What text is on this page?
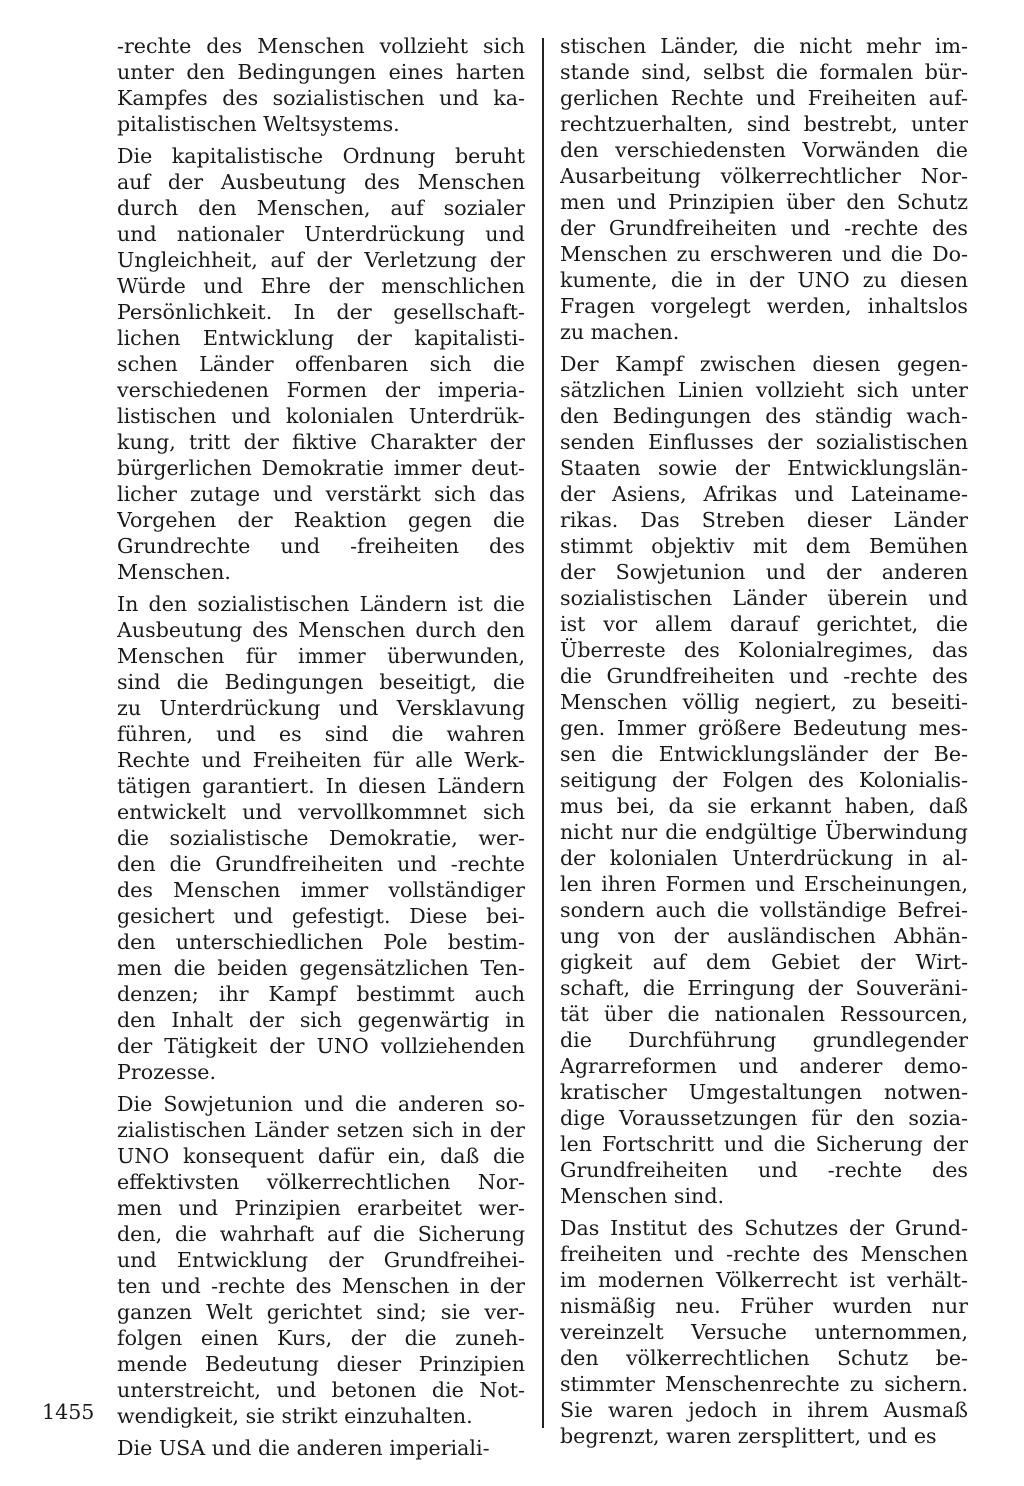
-rechte des Menschen vollzieht sich
unter den Bedingungen eines harten
Kampfes des sozialistischen und ka-
pitalistischen Weltsystems.
Die kapitalistische Ordnung beruht
auf der Ausbeutung des Menschen
durch den Menschen, auf sozialer
und nationaler Unterdrückung und
Ungleichheit, auf der Verletzung der
Würde und Ehre der menschlichen
Persönlichkeit. In der gesellschaft-
lichen Entwicklung der kapitalisti-
schen Länder offenbaren sich die
verschiedenen Formen der imperia-
listischen und kolonialen Unterdrük-
kung, tritt der fiktive Charakter der
bürgerlichen Demokratie immer deut-
licher zutage und verstärkt sich das
Vorgehen der Reaktion gegen die
Grundrechte und -freiheiten des
Menschen.
In den sozialistischen Ländern ist die
Ausbeutung des Menschen durch den
Menschen für immer überwunden,
sind die Bedingungen beseitigt, die
zu Unterdrückung und Versklavung
führen, und es sind die wahren
Rechte und Freiheiten für alle Werk-
tätigen garantiert. In diesen Ländern
entwickelt und vervollkommnet sich
die sozialistische Demokratie, wer-
den die Grundfreiheiten und -rechte
des Menschen immer vollständiger
gesichert und gefestigt. Diese bei-
den unterschiedlichen Pole bestim-
men die beiden gegensätzlichen Ten-
denzen; ihr Kampf bestimmt auch
den Inhalt der sich gegenwärtig in
der Tätigkeit der UNO vollziehenden
Prozesse.
Die Sowjetunion und die anderen so-
zialistischen Länder setzen sich in der
UNO konsequent dafür ein, daß die
effektivsten völkerrechtlichen Nor-
men und Prinzipien erarbeitet wer-
den, die wahrhaft auf die Sicherung
und Entwicklung der Grundfreihei-
ten und -rechte des Menschen in der
ganzen Welt gerichtet sind; sie ver-
folgen einen Kurs, der die zuneh-
mende Bedeutung dieser Prinzipien
unterstreicht, und betonen die Not-
wendigkeit, sie strikt einzuhalten.
Die USA und die anderen imperiali-
stischen Länder, die nicht mehr im-
stande sind, selbst die formalen bür-
gerlichen Rechte und Freiheiten auf-
rechtzuerhalten, sind bestrebt, unter
den verschiedensten Vorwänden die
Ausarbeitung völkerrechtlicher Nor-
men und Prinzipien über den Schutz
der Grundfreiheiten und -rechte des
Menschen zu erschweren und die Do-
kumente, die in der UNO zu diesen
Fragen vorgelegt werden, inhaltslos
zu machen.
Der Kampf zwischen diesen gegen-
sätzlichen Linien vollzieht sich unter
den Bedingungen des ständig wach-
senden Einflusses der sozialistischen
Staaten sowie der Entwicklungslän-
der Asiens, Afrikas und Lateiname-
rikas. Das Streben dieser Länder
stimmt objektiv mit dem Bemühen
der Sowjetunion und der anderen
sozialistischen Länder überein und
ist vor allem darauf gerichtet, die
Überreste des Kolonialregimes, das
die Grundfreiheiten und -rechte des
Menschen völlig negiert, zu beseiti-
gen. Immer größere Bedeutung mes-
sen die Entwicklungsländer der Be-
seitigung der Folgen des Kolonialis-
mus bei, da sie erkannt haben, daß
nicht nur die endgültige Überwindung
der kolonialen Unterdrückung in al-
len ihren Formen und Erscheinungen,
sondern auch die vollständige Befrei-
ung von der ausländischen Abhän-
gigkeit auf dem Gebiet der Wirt-
schaft, die Erringung der Souveräni-
tät über die nationalen Ressourcen,
die Durchführung grundlegender
Agrarreformen und anderer demo-
kratischer Umgestaltungen notwen-
dige Voraussetzungen für den sozia-
len Fortschritt und die Sicherung der
Grundfreiheiten und -rechte des
Menschen sind.
Das Institut des Schutzes der Grund-
freiheiten und -rechte des Menschen
im modernen Völkerrecht ist verhält-
nismäßig neu. Früher wurden nur
vereinzelt Versuche unternommen,
den völkerrechtlichen Schutz be-
stimmter Menschenrechte zu sichern.
Sie waren jedoch in ihrem Ausmaß
begrenzt, waren zersplittert, und es
1455
